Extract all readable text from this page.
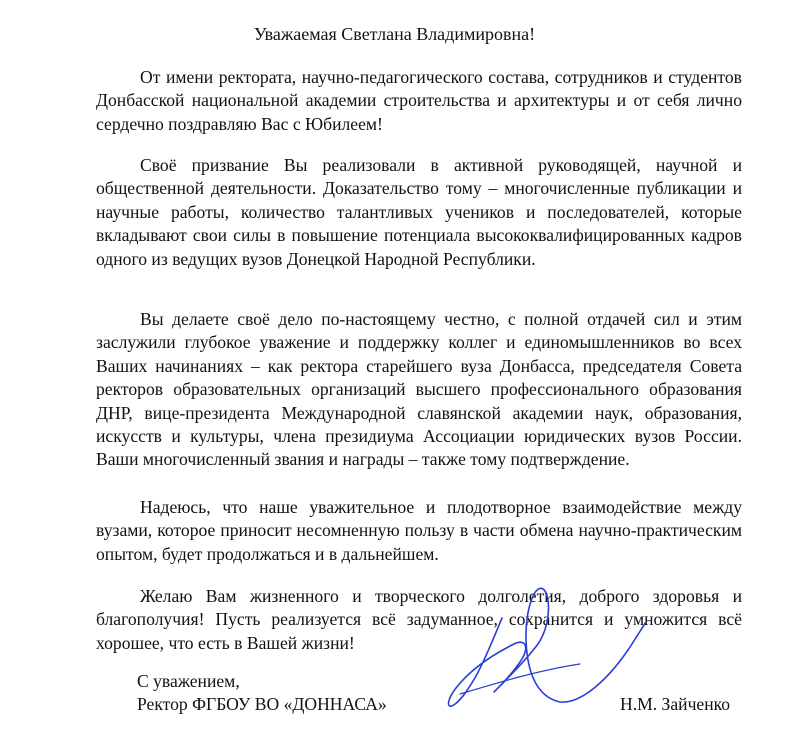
Уважаемая Светлана Владимировна!

От имени ректората, научно-педагогического состава, сотрудников и студентов Донбасской национальной академии строительства и архитектуры и от себя лично сердечно поздравляю Вас с Юбилеем!

Своё призвание Вы реализовали в активной руководящей, научной и общественной деятельности. Доказательство тому – многочисленные публикации и научные работы, количество талантливых учеников и последователей, которые вкладывают свои силы в повышение потенциала высококвалифицированных кадров одного из ведущих вузов Донецкой Народной Республики.

Вы делаете своё дело по-настоящему честно, с полной отдачей сил и этим заслужили глубокое уважение и поддержку коллег и единомышленников во всех Ваших начинаниях – как ректора старейшего вуза Донбасса, председателя Совета ректоров образовательных организаций высшего профессионального образования ДНР, вице-президента Международной славянской академии наук, образования, искусств и культуры, члена президиума Ассоциации юридических вузов России. Ваши многочисленный звания и награды – также тому подтверждение.

Надеюсь, что наше уважительное и плодотворное взаимодействие между вузами, которое приносит несомненную пользу в части обмена научно-практическим опытом, будет продолжаться и в дальнейшем.

Желаю Вам жизненного и творческого долголетия, доброго здоровья и благополучия! Пусть реализуется всё задуманное, сохранится и умножится всё хорошее, что есть в Вашей жизни!

С уважением,
Ректор ФГБОУ ВО «ДОННАСА»	Н.М. Зайченко
